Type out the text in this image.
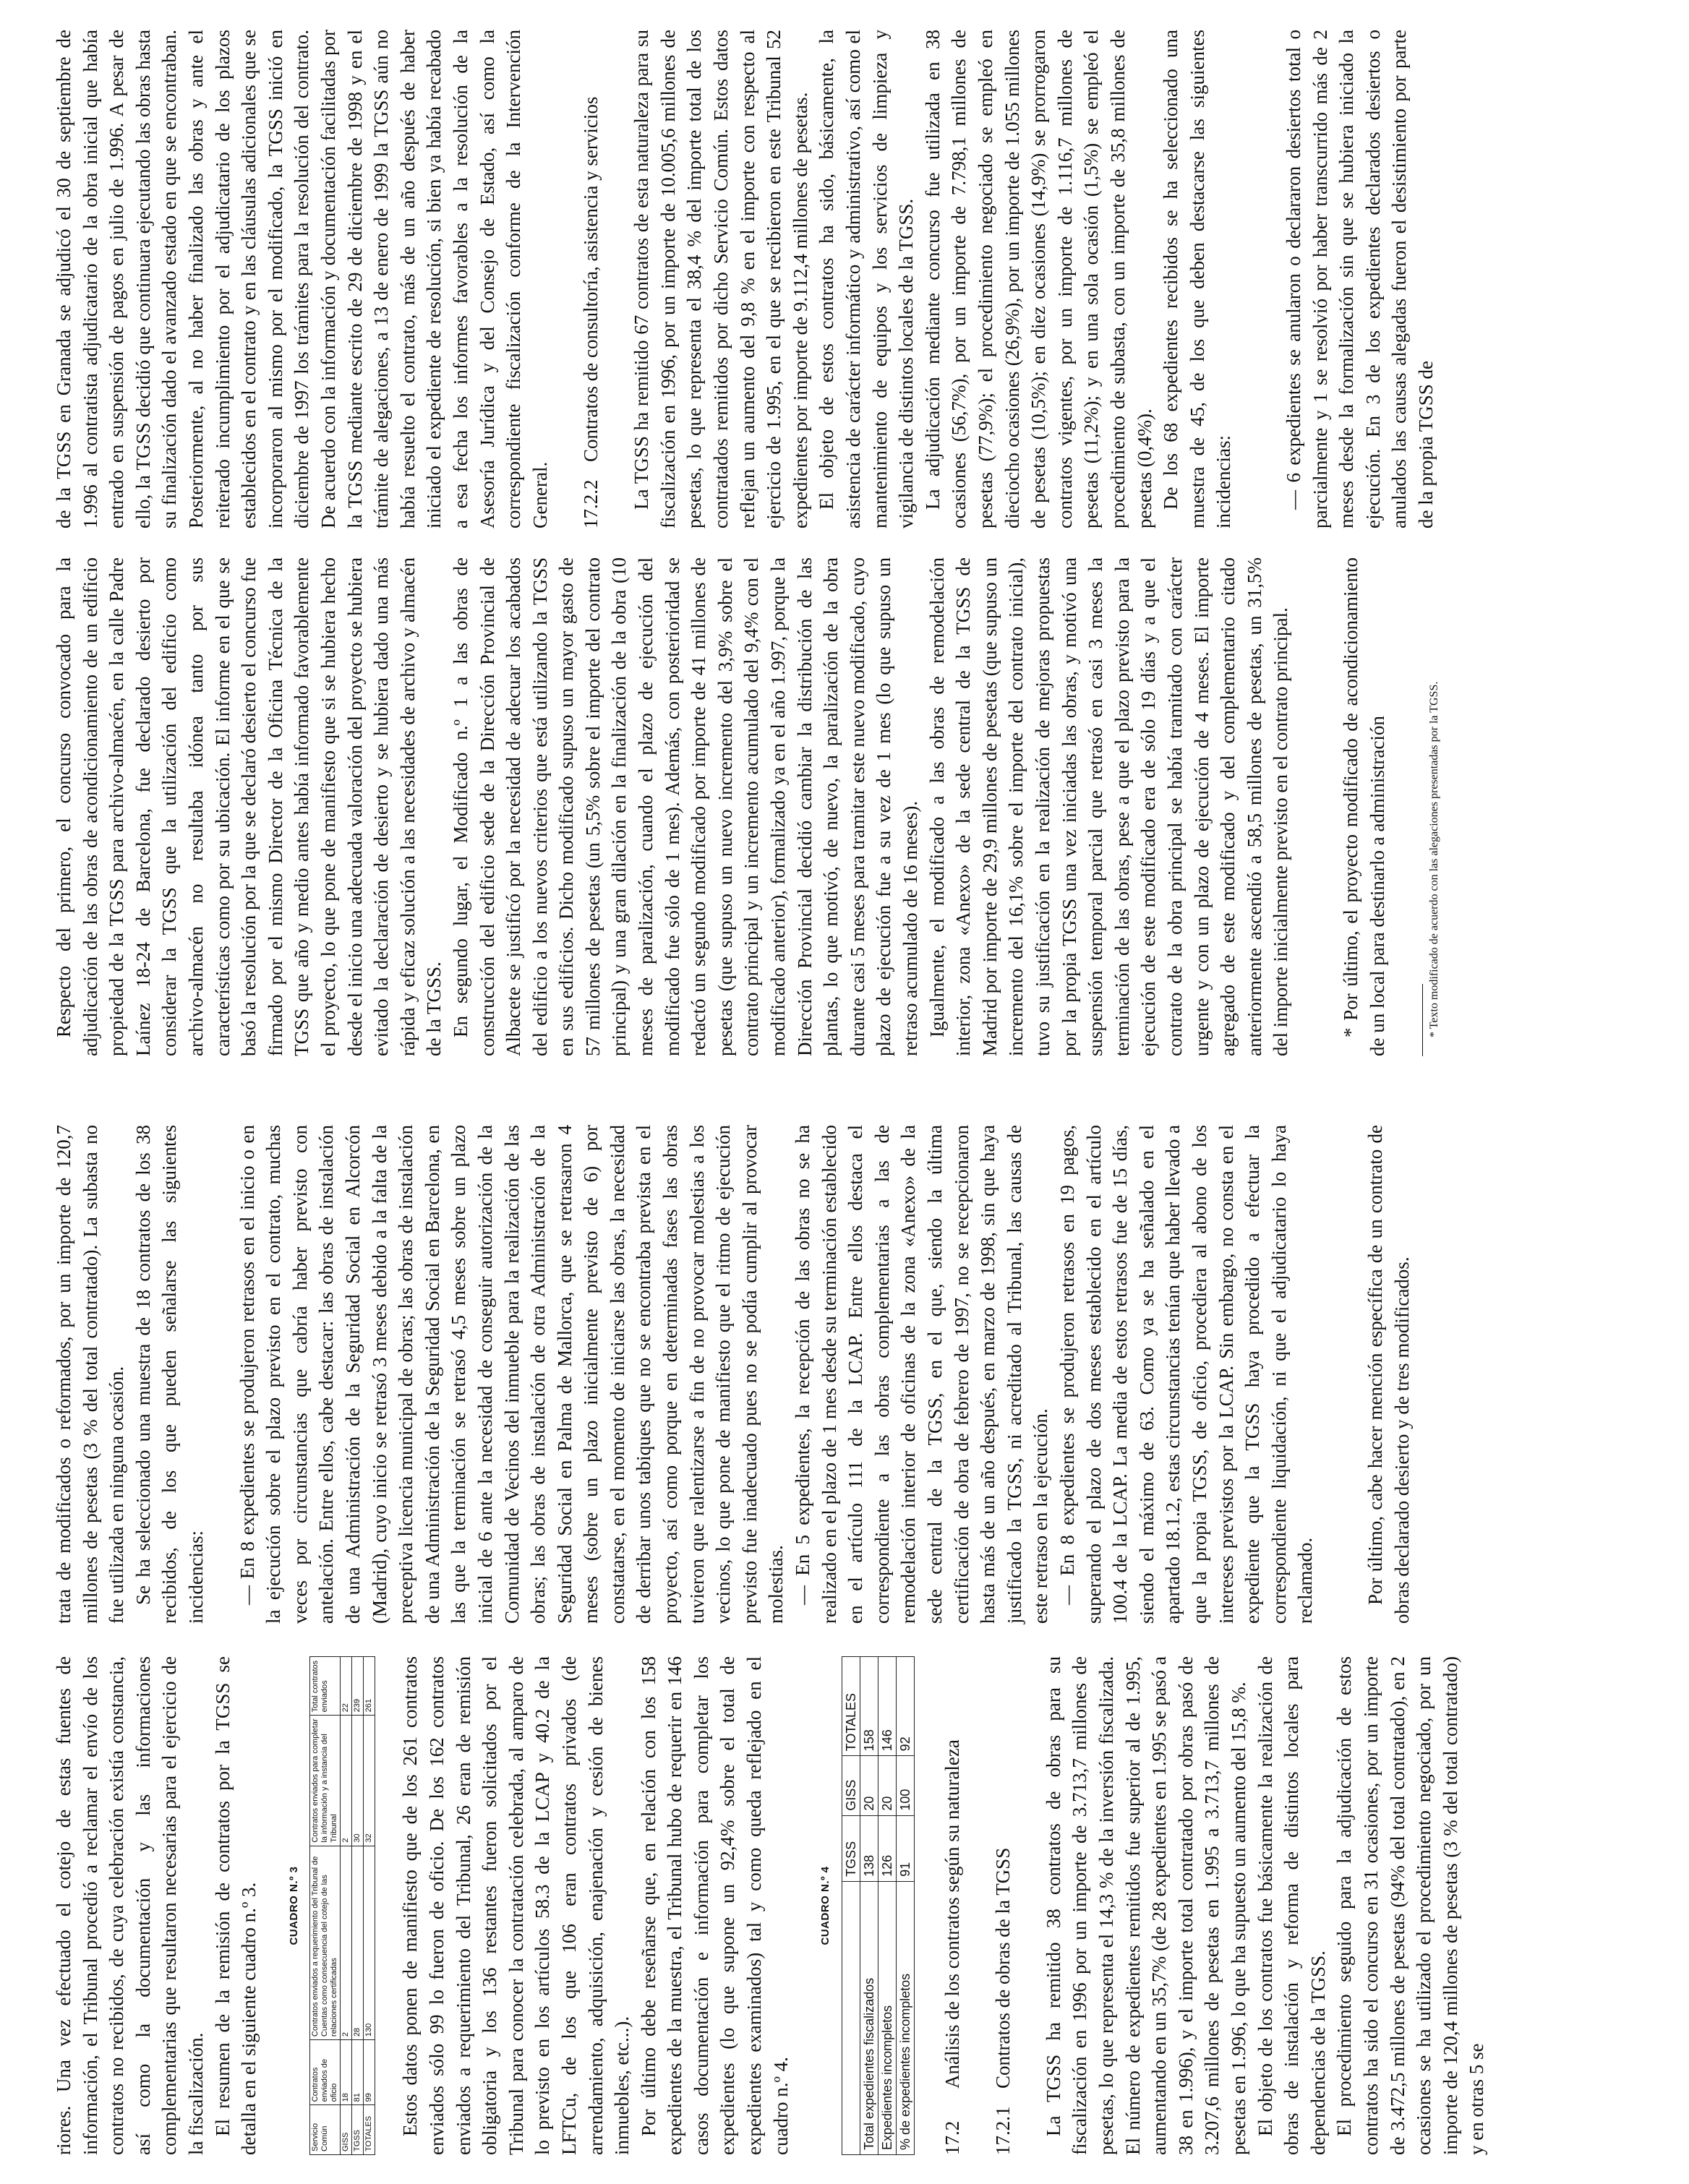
riores. Una vez efectuado el cotejo de estas fuentes de información, el Tribunal procedió a reclamar el envío de los contratos no recibidos, de cuya celebración existía constancia, así como la documentación y las informaciones complementarias que resultaron necesarias para el ejercicio de la fiscalización. El resumen de la remisión de contratos por la TGSS se detalla en el siguiente cuadro n.º 3.	CUADRO N.º 3
Servicio Común	Contratos enviados de oficio	Contratos enviados a requerimiento del Tribunal de Cuentas como consecuencia del cotejo de las relaciones certificadas	Contratos enviados para completar la información y a instancia del Tribunal	Total contratos enviados
GISS	18	2	2	22
TGSS	81	28	30	239
TOTALES	99	130	32	261 Estos datos ponen de manifiesto que de los 261 contratos enviados sólo 99 lo fueron de oficio. De los 162 contratos enviados a requerimiento del Tribunal, 26 eran de remisión obligatoria y los 136 restantes fueron solicitados por el Tribunal para conocer la contratación celebrada, al amparo de lo previsto en los artículos 58.3 de la LCAP y 40.2 de la LFTCu, de los que 106 eran contratos privados (de arrendamiento, adquisición, enajenación y cesión de bienes inmuebles, etc...). Por último debe reseñarse que, en relación con los 158 expedientes de la muestra, el Tribunal hubo de requerir en 146 casos documentación e información para completar los expedientes (lo que supone un 92,4% sobre el total de expedientes examinados) tal y como queda reflejado en el cuadro n.º 4.

CUADRO N.º 4
	TGSS	GISS	TOTALES
Total expedientes fiscalizados	138	20	158
Expedientes incompletos	126	20	146
% de expedientes incompletos	91	100	92
17.2Análisis de los contratos según su naturaleza
17.2.1Contratos de obras de la TGSS La TGSS ha remitido 38 contratos de obras para su fiscalización en 1996 por un importe de 3.713,7 millones de pesetas, lo que representa el 14,3 % de la inversión fiscalizada. El número de expedientes remitidos fue superior al de 1.995, aumentando en un 35,7% (de 28 expedientes en 1.995 se pasó a 38 en 1.996), y el importe total contratado por obras pasó de 3.207,6 millones de pesetas en 1.995 a 3.713,7 millones de pesetas en 1.996, lo que ha supuesto un aumento del 15,8 %. El objeto de los contratos fue básicamente la realización de obras de instalación y reforma de distintos locales para dependencias de la TGSS. El procedimiento seguido para la adjudicación de estos contratos ha sido el concurso en 31 ocasiones, por un importe de 3.472,5 millones de pesetas (94% del total contratado), en 2 ocasiones se ha utilizado el procedimiento negociado, por un importe de 120,4 millones de pesetas (3 % del total contratado) y en otras 5 se

trata de modificados o reformados, por un importe de 120,7 millones de pesetas (3 % del total contratado). La subasta no fue utilizada en ninguna ocasión. Se ha seleccionado una muestra de 18 contratos de los 38 recibidos, de los que pueden señalarse las siguientes incidencias: — En 8 expedientes se produjeron retrasos en el inicio o en la ejecución sobre el plazo previsto en el contrato, muchas veces por circunstancias que cabría haber previsto con antelación. Entre ellos, cabe destacar: las obras de instalación de una Administración de la Seguridad Social en Alcorcón (Madrid), cuyo inicio se retrasó 3 meses debido a la falta de la preceptiva licencia municipal de obras; las obras de instalación de una Administración de la Seguridad Social en Barcelona, en las que la terminación se retrasó 4,5 meses sobre un plazo inicial de 6 ante la necesidad de conseguir autorización de la Comunidad de Vecinos del inmueble para la realización de las obras; las obras de instalación de otra Administración de la Seguridad Social en Palma de Mallorca, que se retrasaron 4 meses (sobre un plazo inicialmente previsto de 6) por constatarse, en el momento de iniciarse las obras, la necesidad de derribar unos tabiques que no se encontraba prevista en el proyecto, así como porque en determinadas fases las obras tuvieron que ralentizarse a fin de no provocar molestias a los vecinos, lo que pone de manifiesto que el ritmo de ejecución previsto fue inadecuado pues no se podía cumplir al provocar molestias. — En 5 expedientes, la recepción de las obras no se ha realizado en el plazo de 1 mes desde su terminación establecido en el artículo 111 de la LCAP. Entre ellos destaca el correspondiente a las obras complementarias a las de remodelación interior de oficinas de la zona «Anexo» de la sede central de la TGSS, en el que, siendo la última certificación de obra de febrero de 1997, no se recepcionaron hasta más de un año después, en marzo de 1998, sin que haya justificado la TGSS, ni acreditado al Tribunal, las causas de este retraso en la ejecución. — En 8 expedientes se produjeron retrasos en 19 pagos, superando el plazo de dos meses establecido en el artículo 100.4 de la LCAP. La media de estos retrasos fue de 15 días, siendo el máximo de 63. Como ya se ha señalado en el apartado 18.1.2, estas circunstancias tenían que haber llevado a que la propia TGSS, de oficio, procediera al abono de los intereses previstos por la LCAP. Sin embargo, no consta en el expediente que la TGSS haya procedido a efectuar la correspondiente liquidación, ni que el adjudicatario lo haya reclamado. Por último, cabe hacer mención específica de un contrato de obras declarado desierto y de tres modificados.

Respecto del primero, el concurso convocado para la adjudicación de las obras de acondicionamiento de un edificio propiedad de la TGSS para archivo-almacén, en la calle Padre Laínez 18-24 de Barcelona, fue declarado desierto por considerar la TGSS que la utilización del edificio como archivo-almacén no resultaba idónea tanto por sus características como por su ubicación. El informe en el que se basó la resolución por la que se declaró desierto el concurso fue firmado por el mismo Director de la Oficina Técnica de la TGSS que año y medio antes había informado favorablemente el proyecto, lo que pone de manifiesto que si se hubiera hecho desde el inicio una adecuada valoración del proyecto se hubiera evitado la declaración de desierto y se hubiera dado una más rápida y eficaz solución a las necesidades de archivo y almacén de la TGSS. En segundo lugar, el Modificado n.º 1 a las obras de construcción del edificio sede de la Dirección Provincial de Albacete se justificó por la necesidad de adecuar los acabados del edificio a los nuevos criterios que está utilizando la TGSS en sus edificios. Dicho modificado supuso un mayor gasto de 57 millones de pesetas (un 5,5% sobre el importe del contrato principal) y una gran dilación en la finalización de la obra (10 meses de paralización, cuando el plazo de ejecución del modificado fue sólo de 1 mes). Además, con posterioridad se redactó un segundo modificado por importe de 41 millones de pesetas (que supuso un nuevo incremento del 3,9% sobre el contrato principal y un incremento acumulado del 9,4% con el modificado anterior), formalizado ya en el año 1.997, porque la Dirección Provincial decidió cambiar la distribución de las plantas, lo que motivó, de nuevo, la paralización de la obra durante casi 5 meses para tramitar este nuevo modificado, cuyo plazo de ejecución fue a su vez de 1 mes (lo que supuso un retraso acumulado de 16 meses). Igualmente, el modificado a las obras de remodelación interior, zona «Anexo» de la sede central de la TGSS de Madrid por importe de 29,9 millones de pesetas (que supuso un incremento del 16,1% sobre el importe del contrato inicial), tuvo su justificación en la realización de mejoras propuestas por la propia TGSS una vez iniciadas las obras, y motivó una suspensión temporal parcial que retrasó en casi 3 meses la terminación de las obras, pese a que el plazo previsto para la ejecución de este modificado era de sólo 19 días y a que el contrato de la obra principal se había tramitado con carácter urgente y con un plazo de ejecución de 4 meses. El importe agregado de este modificado y del complementario citado anteriormente ascendió a 58,5 millones de pesetas, un 31,5% del importe inicialmente previsto en el contrato principal. * Por último, el proyecto modificado de acondicionamiento de un local para destinarlo a administración	* Texto modificado de acuerdo con las alegaciones presentadas por la TGSS.

de la TGSS en Granada se adjudicó el 30 de septiembre de 1.996 al contratista adjudicatario de la obra inicial que había entrado en suspensión de pagos en julio de 1.996. A pesar de ello, la TGSS decidió que continuara ejecutando las obras hasta su finalización dado el avanzado estado en que se encontraban. Posteriormente, al no haber finalizado las obras y ante el reiterado incumplimiento por el adjudicatario de los plazos establecidos en el contrato y en las cláusulas adicionales que se incorporaron al mismo por el modificado, la TGSS inició en diciembre de 1997 los trámites para la resolución del contrato. De acuerdo con la información y documentación facilitadas por la TGSS mediante escrito de 29 de diciembre de 1998 y en el trámite de alegaciones, a 13 de enero de 1999 la TGSS aún no había resuelto el contrato, más de un año después de haber iniciado el expediente de resolución, si bien ya había recabado a esa fecha los informes favorables a la resolución de la Asesoría Jurídica y del Consejo de Estado, así como la correspondiente fiscalización conforme de la Intervención General. 17.2.2Contratos de consultoría, asistencia y servicios La TGSS ha remitido 67 contratos de esta naturaleza para su fiscalización en 1996, por un importe de 10.005,6 millones de pesetas, lo que representa el 38,4 % del importe total de los contratados remitidos por dicho Servicio Común. Estos datos reflejan un aumento del 9,8 % en el importe con respecto al ejercicio de 1.995, en el que se recibieron en este Tribunal 52 expedientes por importe de 9.112,4 millones de pesetas. El objeto de estos contratos ha sido, básicamente, la asistencia de carácter informático y administrativo, así como el mantenimiento de equipos y los servicios de limpieza y vigilancia de distintos locales de la TGSS. La adjudicación mediante concurso fue utilizada en 38 ocasiones (56,7%), por un importe de 7.798,1 millones de pesetas (77,9%); el procedimiento negociado se empleó en dieciocho ocasiones (26,9%), por un importe de 1.055 millones de pesetas (10,5%); en diez ocasiones (14,9%) se prorrogaron contratos vigentes, por un importe de 1.116,7 millones de pesetas (11,2%); y en una sola ocasión (1,5%) se empleó el procedimiento de subasta, con un importe de 35,8 millones de pesetas (0,4%). De los 68 expedientes recibidos se ha seleccionado una muestra de 45, de los que deben destacarse las siguientes incidencias: — 6 expedientes se anularon o declararon desiertos total o parcialmente y 1 se resolvió por haber transcurrido más de 2 meses desde la formalización sin que se hubiera iniciado la ejecución. En 3 de los expedientes declarados desiertos o anulados las causas alegadas fueron el desistimiento por parte de la propia TGSS de
